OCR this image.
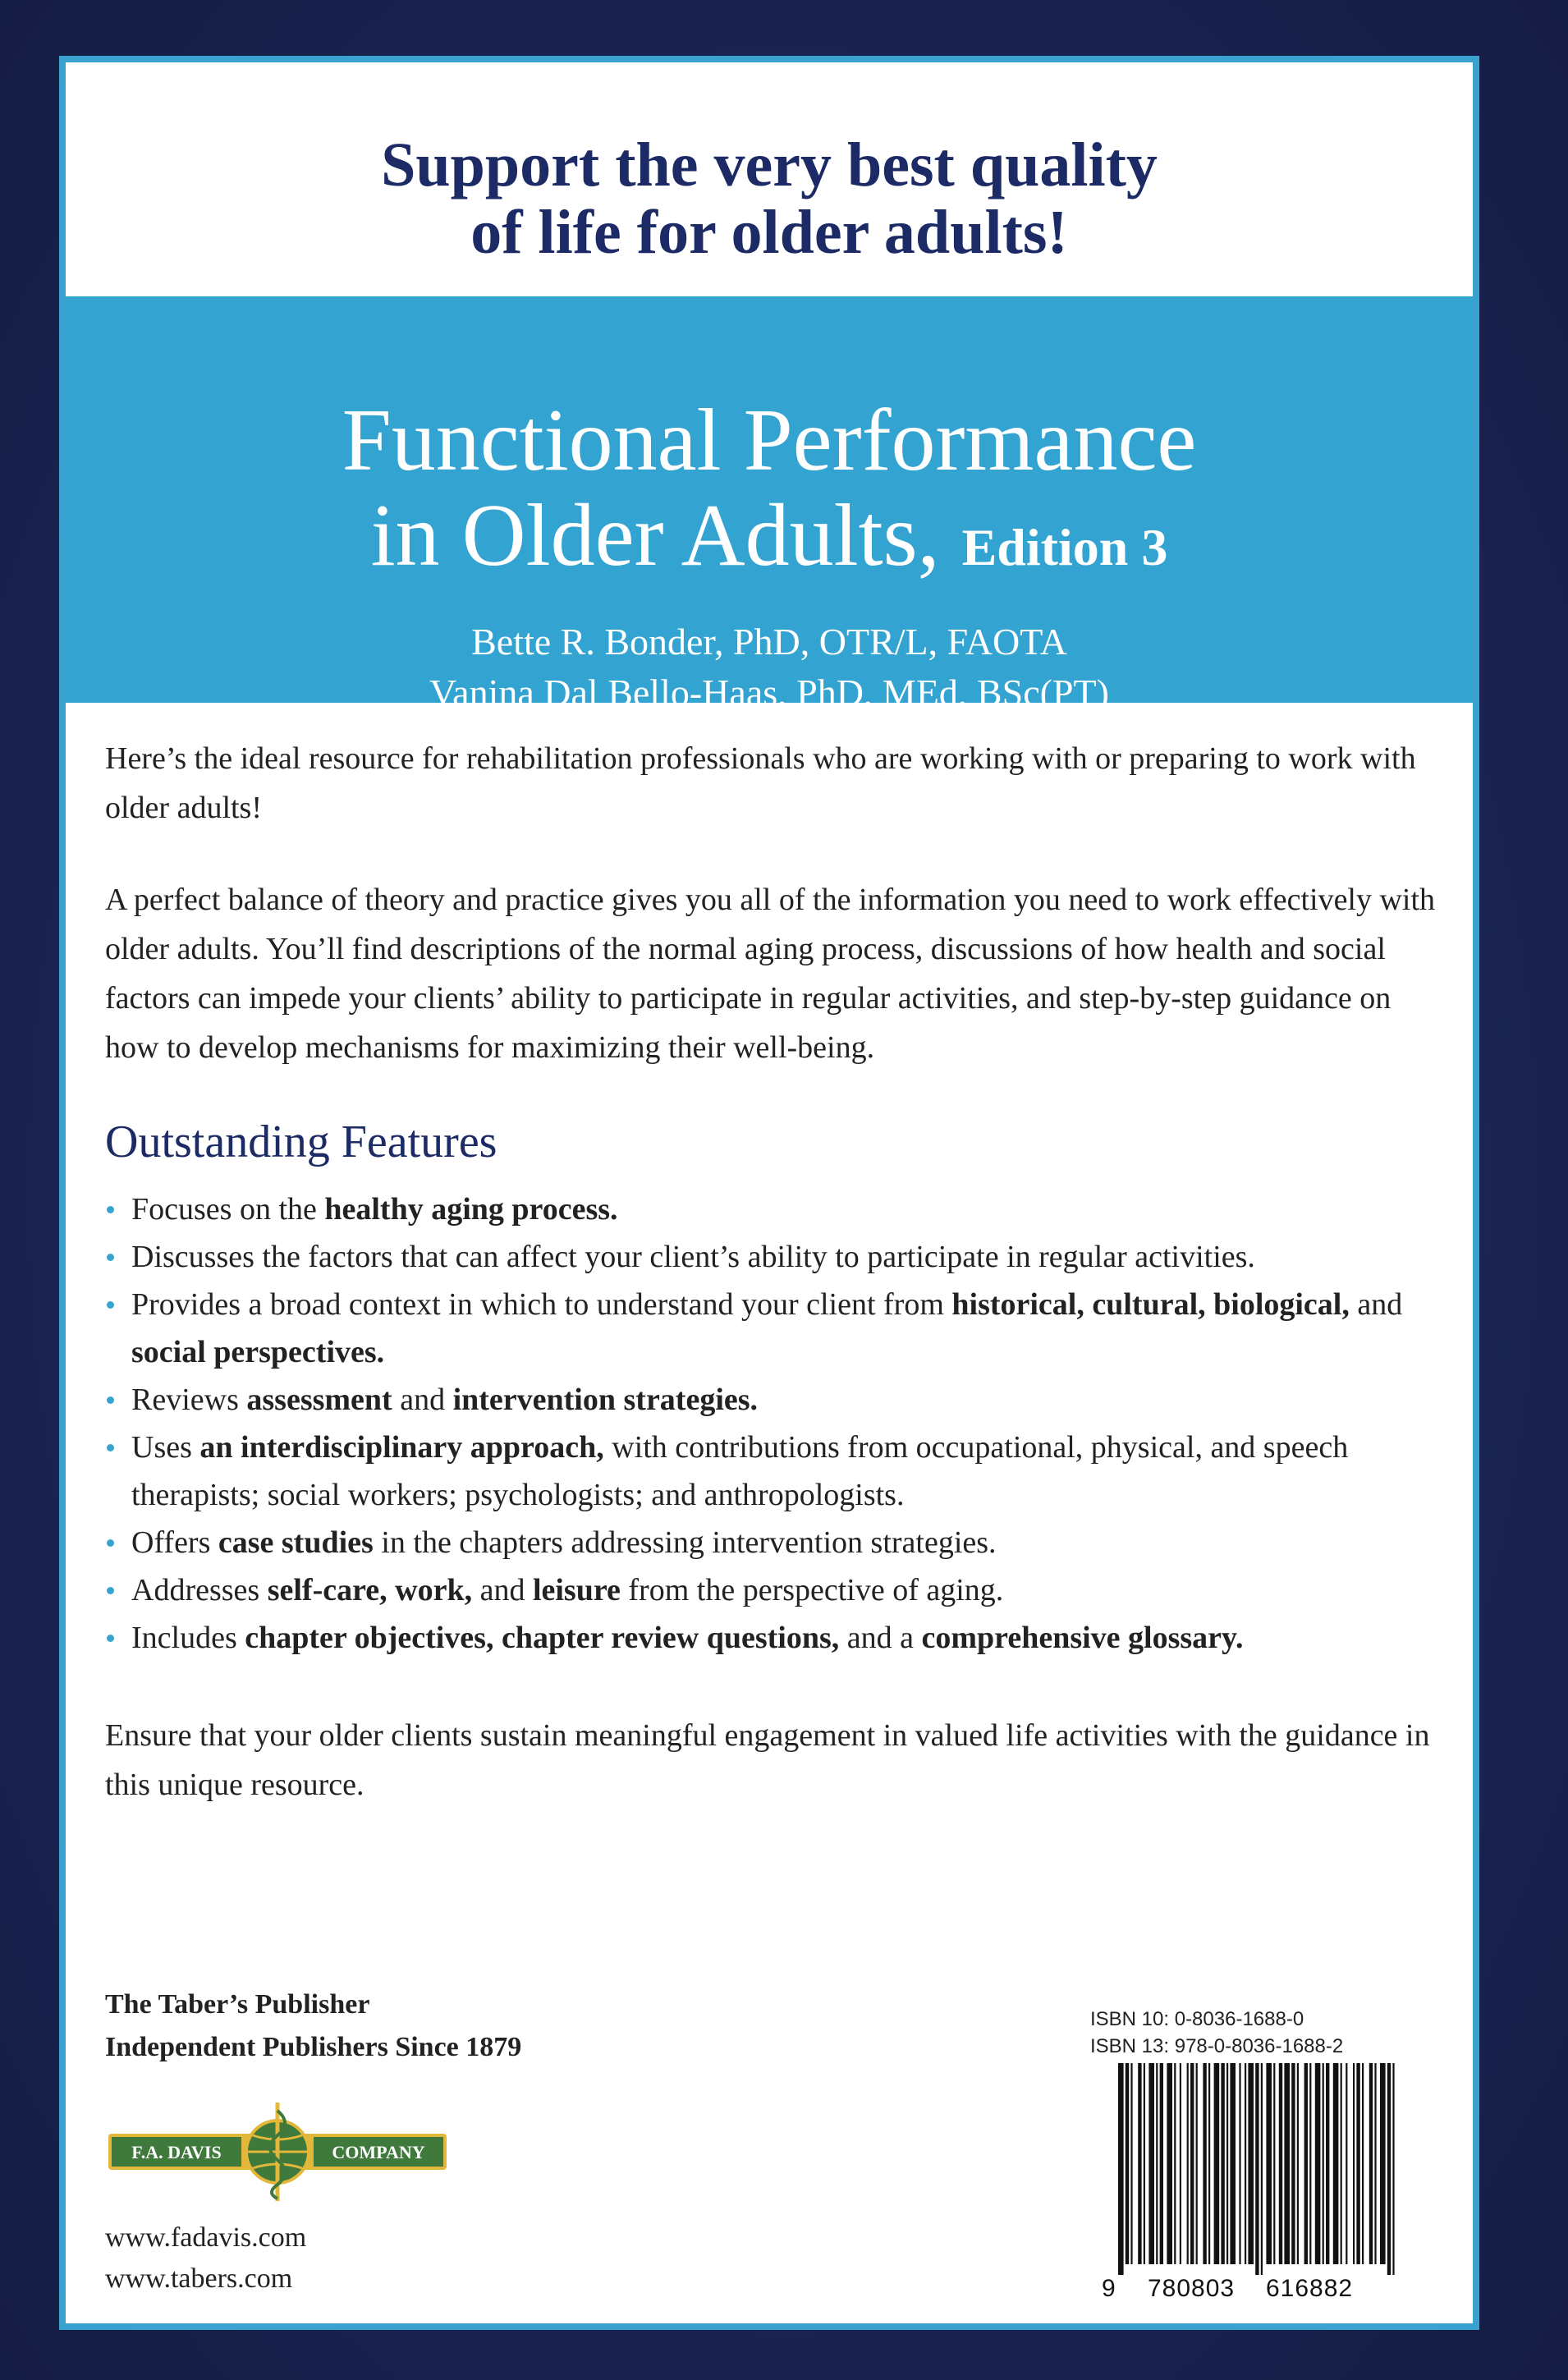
Support the very best quality
of life for older adults!
Functional Performance
in Older Adults, Edition 3
Bette R. Bonder, PhD, OTR/L, FAOTA
Vanina Dal Bello-Haas, PhD, MEd, BSc(PT)

Here’s the ideal resource for rehabilitation professionals who are working with or preparing to work with older adults!

A perfect balance of theory and practice gives you all of the information you need to work effectively with older adults. You’ll find descriptions of the normal aging process, discussions of how health and social factors can impede your clients’ ability to participate in regular activities, and step-by-step guidance on how to develop mechanisms for maximizing their well-being.

Outstanding Features
Focuses on the healthy aging process.
Discusses the factors that can affect your client’s ability to participate in regular activities.
Provides a broad context in which to understand your client from historical, cultural, biological, and social perspectives.
Reviews assessment and intervention strategies.
Uses an interdisciplinary approach, with contributions from occupational, physical, and speech therapists; social workers; psychologists; and anthropologists.
Offers case studies in the chapters addressing intervention strategies.
Addresses self-care, work, and leisure from the perspective of aging.
Includes chapter objectives, chapter review questions, and a comprehensive glossary.

Ensure that your older clients sustain meaningful engagement in valued life activities with the guidance in this unique resource.

The Taber’s Publisher
Independent Publishers Since 1879
F.A. DAVIS	COMPANY
www.fadavis.com
www.tabers.com
ISBN 10: 0-8036-1688-0
ISBN 13: 978-0-8036-1688-2
9 780803 616882
